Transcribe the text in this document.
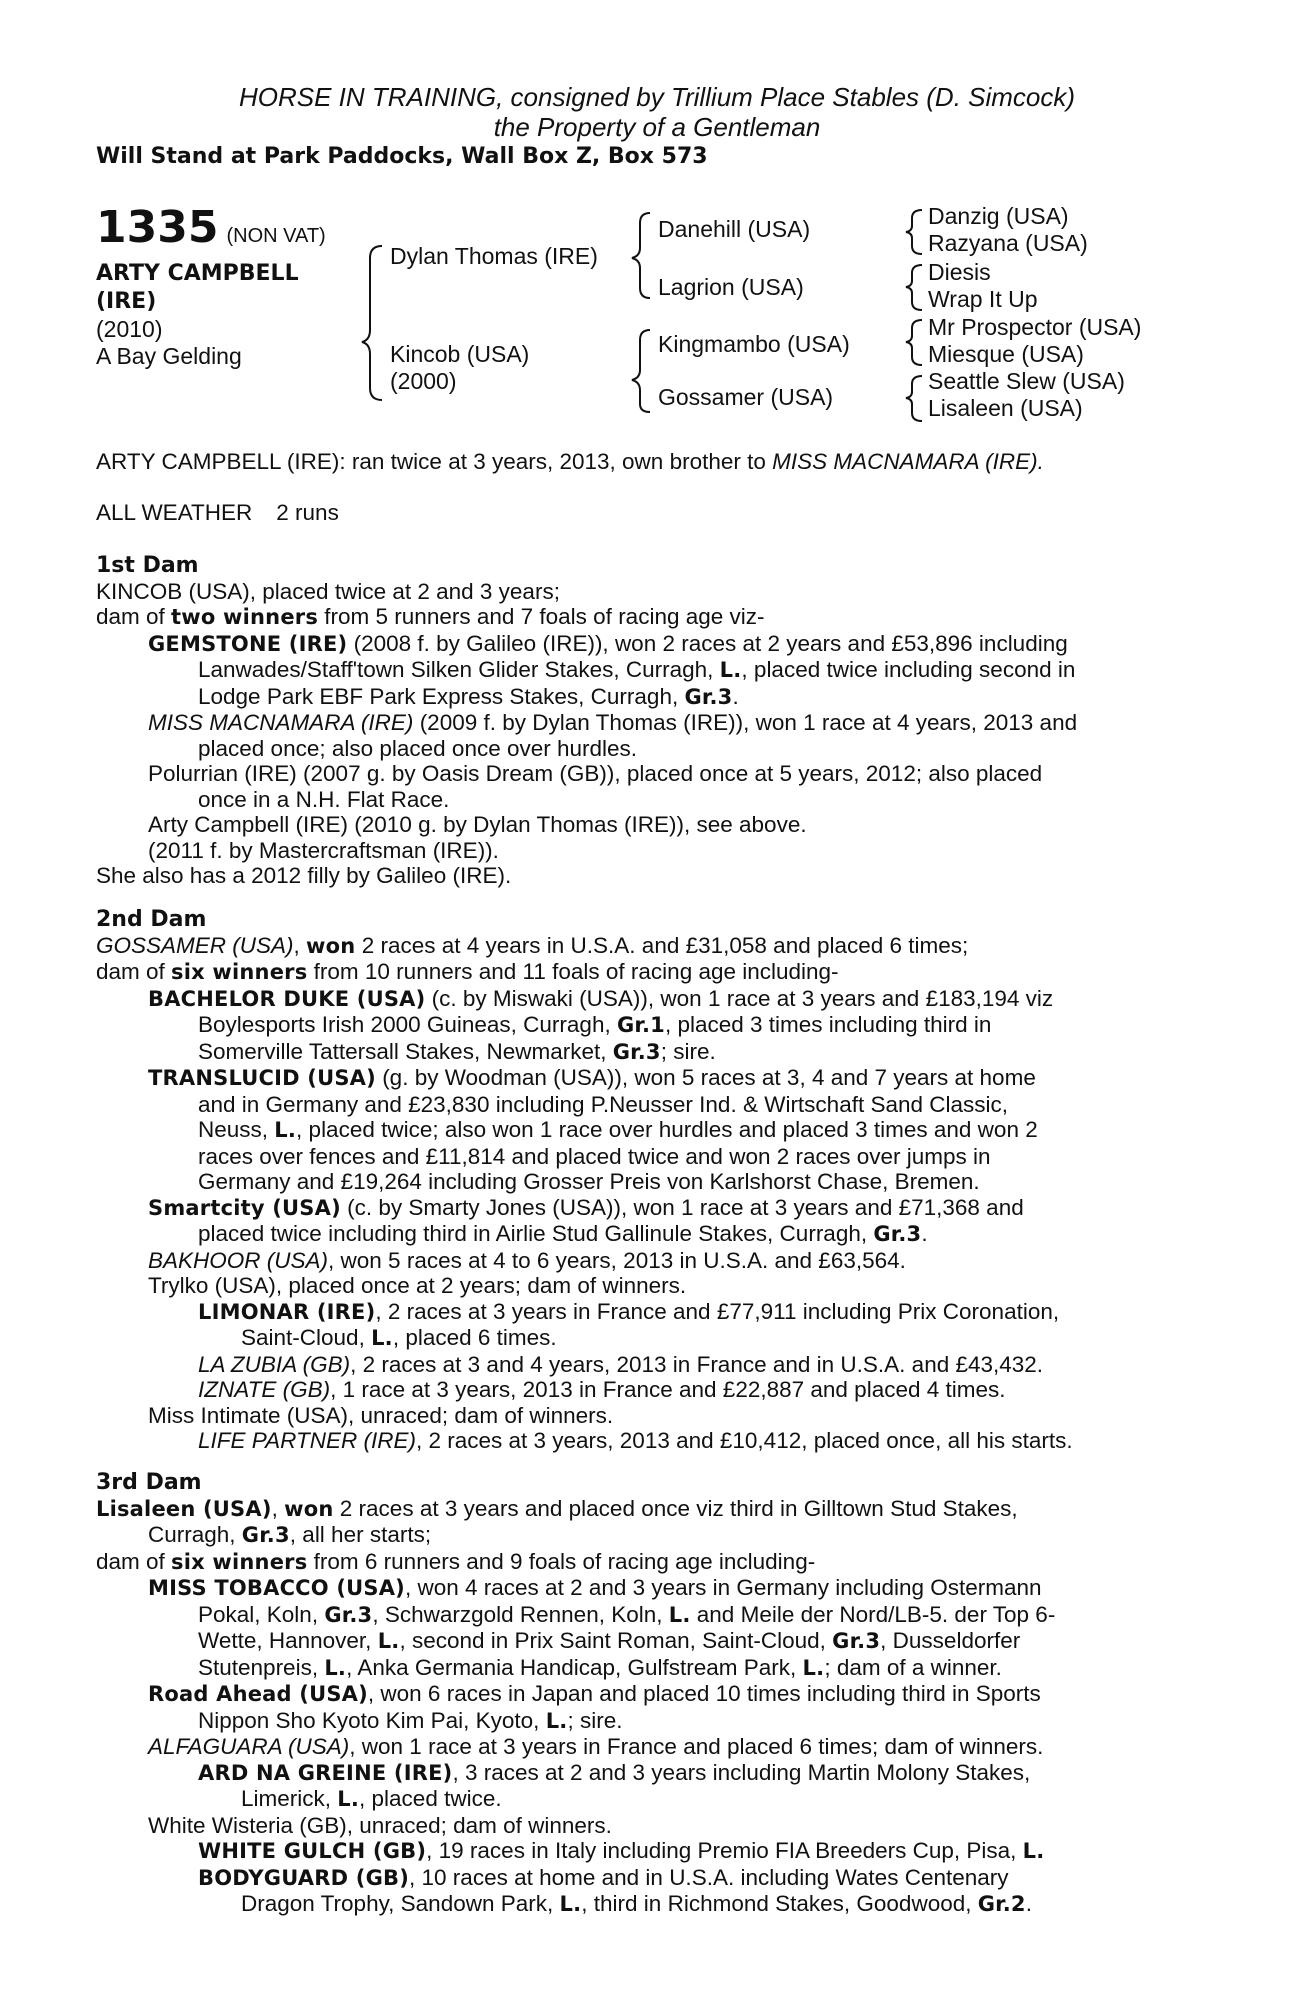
HORSE IN TRAINING, consigned by Trillium Place Stables (D. Simcock)
the Property of a Gentleman
Will Stand at Park Paddocks, Wall Box Z, Box 573
1335 (NON VAT)
ARTY CAMPBELL
(IRE)
(2010)
A Bay Gelding
Dylan Thomas (IRE)
Kincob (USA)
(2000)
Danehill (USA)
Lagrion (USA)
Kingmambo (USA)
Gossamer (USA)
Danzig (USA)
Razyana (USA)
Diesis
Wrap It Up
Mr Prospector (USA)
Miesque (USA)
Seattle Slew (USA)
Lisaleen (USA)
ARTY CAMPBELL (IRE): ran twice at 3 years, 2013, own brother to MISS MACNAMARA (IRE).
ALL WEATHER 2 runs
1st Dam
KINCOB (USA), placed twice at 2 and 3 years;
dam of two winners from 5 runners and 7 foals of racing age viz-
GEMSTONE (IRE) (2008 f. by Galileo (IRE)), won 2 races at 2 years and £53,896 including
Lanwades/Staff'town Silken Glider Stakes, Curragh, L., placed twice including second in
Lodge Park EBF Park Express Stakes, Curragh, Gr.3.
MISS MACNAMARA (IRE) (2009 f. by Dylan Thomas (IRE)), won 1 race at 4 years, 2013 and
placed once; also placed once over hurdles.
Polurrian (IRE) (2007 g. by Oasis Dream (GB)), placed once at 5 years, 2012; also placed
once in a N.H. Flat Race.
Arty Campbell (IRE) (2010 g. by Dylan Thomas (IRE)), see above.
(2011 f. by Mastercraftsman (IRE)).
She also has a 2012 filly by Galileo (IRE).
2nd Dam
GOSSAMER (USA), won 2 races at 4 years in U.S.A. and £31,058 and placed 6 times;
dam of six winners from 10 runners and 11 foals of racing age including-
BACHELOR DUKE (USA) (c. by Miswaki (USA)), won 1 race at 3 years and £183,194 viz
Boylesports Irish 2000 Guineas, Curragh, Gr.1, placed 3 times including third in
Somerville Tattersall Stakes, Newmarket, Gr.3; sire.
TRANSLUCID (USA) (g. by Woodman (USA)), won 5 races at 3, 4 and 7 years at home
and in Germany and £23,830 including P.Neusser Ind. & Wirtschaft Sand Classic,
Neuss, L., placed twice; also won 1 race over hurdles and placed 3 times and won 2
races over fences and £11,814 and placed twice and won 2 races over jumps in
Germany and £19,264 including Grosser Preis von Karlshorst Chase, Bremen.
Smartcity (USA) (c. by Smarty Jones (USA)), won 1 race at 3 years and £71,368 and
placed twice including third in Airlie Stud Gallinule Stakes, Curragh, Gr.3.
BAKHOOR (USA), won 5 races at 4 to 6 years, 2013 in U.S.A. and £63,564.
Trylko (USA), placed once at 2 years; dam of winners.
LIMONAR (IRE), 2 races at 3 years in France and £77,911 including Prix Coronation,
Saint-Cloud, L., placed 6 times.
LA ZUBIA (GB), 2 races at 3 and 4 years, 2013 in France and in U.S.A. and £43,432.
IZNATE (GB), 1 race at 3 years, 2013 in France and £22,887 and placed 4 times.
Miss Intimate (USA), unraced; dam of winners.
LIFE PARTNER (IRE), 2 races at 3 years, 2013 and £10,412, placed once, all his starts.
3rd Dam
Lisaleen (USA), won 2 races at 3 years and placed once viz third in Gilltown Stud Stakes,
Curragh, Gr.3, all her starts;
dam of six winners from 6 runners and 9 foals of racing age including-
MISS TOBACCO (USA), won 4 races at 2 and 3 years in Germany including Ostermann
Pokal, Koln, Gr.3, Schwarzgold Rennen, Koln, L. and Meile der Nord/LB-5. der Top 6-
Wette, Hannover, L., second in Prix Saint Roman, Saint-Cloud, Gr.3, Dusseldorfer
Stutenpreis, L., Anka Germania Handicap, Gulfstream Park, L.; dam of a winner.
Road Ahead (USA), won 6 races in Japan and placed 10 times including third in Sports
Nippon Sho Kyoto Kim Pai, Kyoto, L.; sire.
ALFAGUARA (USA), won 1 race at 3 years in France and placed 6 times; dam of winners.
ARD NA GREINE (IRE), 3 races at 2 and 3 years including Martin Molony Stakes,
Limerick, L., placed twice.
White Wisteria (GB), unraced; dam of winners.
WHITE GULCH (GB), 19 races in Italy including Premio FIA Breeders Cup, Pisa, L.
BODYGUARD (GB), 10 races at home and in U.S.A. including Wates Centenary
Dragon Trophy, Sandown Park, L., third in Richmond Stakes, Goodwood, Gr.2.
